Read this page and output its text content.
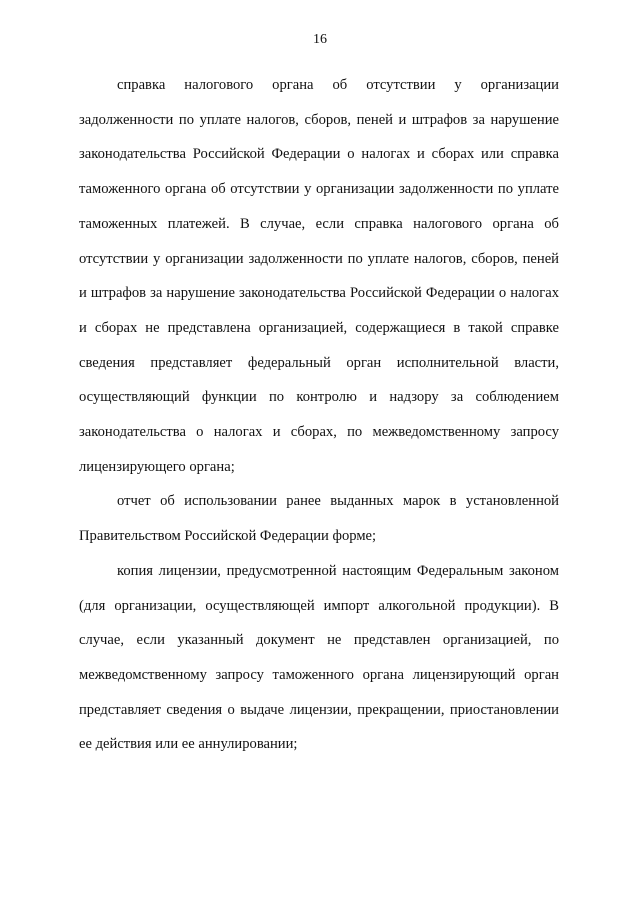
16

справка налогового органа об отсутствии у организации задолженности по уплате налогов, сборов, пеней и штрафов за нарушение законодательства Российской Федерации о налогах и сборах или справка таможенного органа об отсутствии у организации задолженности по уплате таможенных платежей. В случае, если справка налогового органа об отсутствии у организации задолженности по уплате налогов, сборов, пеней и штрафов за нарушение законодательства Российской Федерации о налогах и сборах не представлена организацией, содержащиеся в такой справке сведения представляет федеральный орган исполнительной власти, осуществляющий функции по контролю и надзору за соблюдением законодательства о налогах и сборах, по межведомственному запросу лицензирующего органа;

отчет об использовании ранее выданных марок в установленной Правительством Российской Федерации форме;

копия лицензии, предусмотренной настоящим Федеральным законом (для организации, осуществляющей импорт алкогольной продукции). В случае, если указанный документ не представлен организацией, по межведомственному запросу таможенного органа лицензирующий орган представляет сведения о выдаче лицензии, прекращении, приостановлении ее действия или ее аннулировании;
